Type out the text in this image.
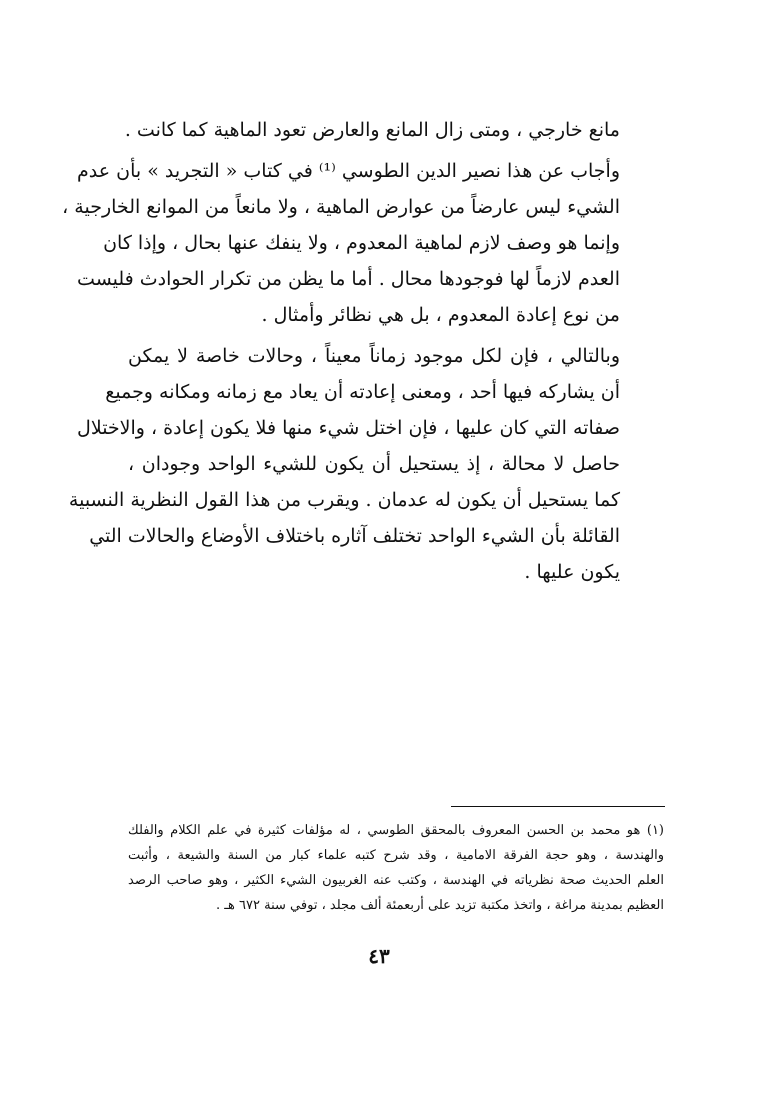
مانع خارجي ، ومتى زال المانع والعارض تعود الماهية كما كانت .
وأجاب عن هذا نصير الدين الطوسي ⁽¹⁾ في كتاب « التجريد » بأن عدم
الشيء ليس عارضاً من عوارض الماهية ، ولا مانعاً من الموانع الخارجية ،
وإنما هو وصف لازم لماهية المعدوم ، ولا ينفك عنها بحال ، وإذا كان
العدم لازماً لها فوجودها محال . أما ما يظن من تكرار الحوادث فليست
من نوع إعادة المعدوم ، بل هي نظائر وأمثال .
وبالتالي ، فإن لكل موجود زماناً معيناً ، وحالات خاصة لا يمكن
أن يشاركه فيها أحد ، ومعنى إعادته أن يعاد مع زمانه ومكانه وجميع
صفاته التي كان عليها ، فإن اختل شيء منها فلا يكون إعادة ، والاختلال
حاصل لا محالة ، إذ يستحيل أن يكون للشيء الواحد وجودان ،
كما يستحيل أن يكون له عدمان . ويقرب من هذا القول النظرية النسبية
القائلة بأن الشيء الواحد تختلف آثاره باختلاف الأوضاع والحالات التي
يكون عليها .
(١) هو محمد بن الحسن المعروف بالمحقق الطوسي ، له مؤلفات كثيرة في علم الكلام والفلك
والهندسة ، وهو حجة الفرقة الامامية ، وقد شرح كتبه علماء كبار من السنة والشيعة ، وأثبت
العلم الحديث صحة نظرياته في الهندسة ، وكتب عنه الغربيون الشيء الكثير ، وهو صاحب الرصد
العظيم بمدينة مراغة ، واتخذ مكتبة تزيد على أربعمئة ألف مجلد ، توفي سنة ٦٧٢ هـ .
٤٣
